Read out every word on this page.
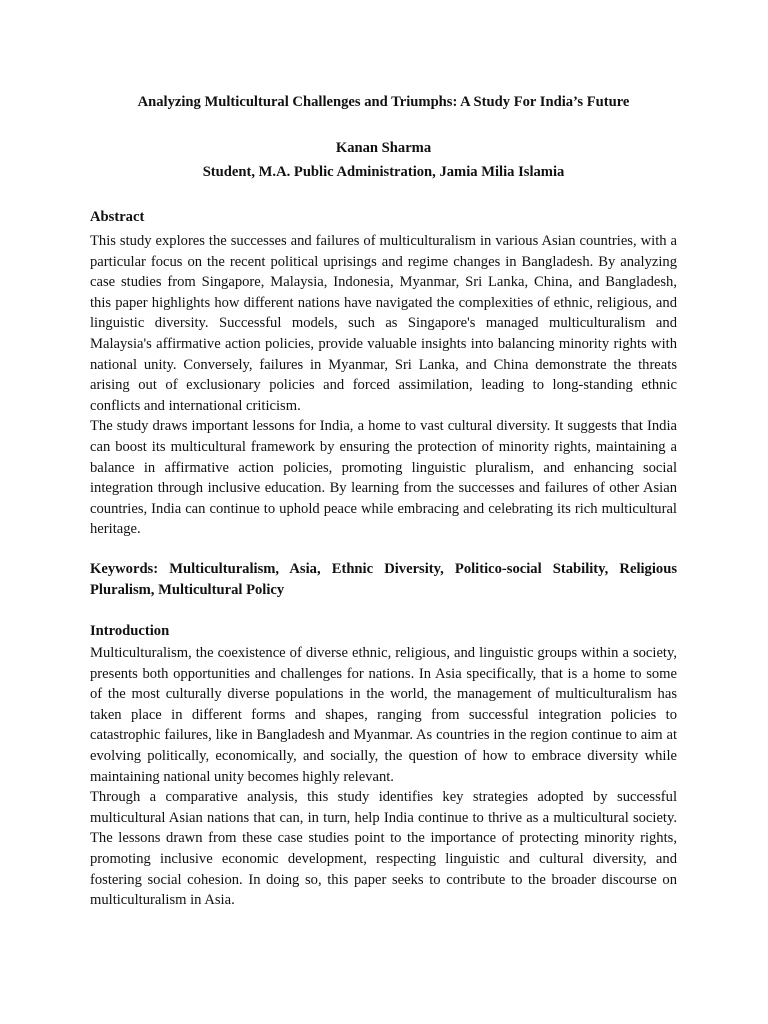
Analyzing Multicultural Challenges and Triumphs: A Study For India’s Future
Kanan Sharma
Student, M.A. Public Administration, Jamia Milia Islamia
Abstract

This study explores the successes and failures of multiculturalism in various Asian countries, with a particular focus on the recent political uprisings and regime changes in Bangladesh. By analyzing case studies from Singapore, Malaysia, Indonesia, Myanmar, Sri Lanka, China, and Bangladesh, this paper highlights how different nations have navigated the complexities of ethnic, religious, and linguistic diversity. Successful models, such as Singapore's managed multiculturalism and Malaysia's affirmative action policies, provide valuable insights into balancing minority rights with national unity. Conversely, failures in Myanmar, Sri Lanka, and China demonstrate the threats arising out of exclusionary policies and forced assimilation, leading to long-standing ethnic conflicts and international criticism.

The study draws important lessons for India, a home to vast cultural diversity. It suggests that India can boost its multicultural framework by ensuring the protection of minority rights, maintaining a balance in affirmative action policies, promoting linguistic pluralism, and enhancing social integration through inclusive education. By learning from the successes and failures of other Asian countries, India can continue to uphold peace while embracing and celebrating its rich multicultural heritage.

Keywords: Multiculturalism, Asia, Ethnic Diversity, Politico-social Stability, Religious Pluralism, Multicultural Policy
Introduction

Multiculturalism, the coexistence of diverse ethnic, religious, and linguistic groups within a society, presents both opportunities and challenges for nations. In Asia specifically, that is a home to some of the most culturally diverse populations in the world, the management of multiculturalism has taken place in different forms and shapes, ranging from successful integration policies to catastrophic failures, like in Bangladesh and Myanmar. As countries in the region continue to aim at evolving politically, economically, and socially, the question of how to embrace diversity while maintaining national unity becomes highly relevant.

Through a comparative analysis, this study identifies key strategies adopted by successful multicultural Asian nations that can, in turn, help India continue to thrive as a multicultural society. The lessons drawn from these case studies point to the importance of protecting minority rights, promoting inclusive economic development, respecting linguistic and cultural diversity, and fostering social cohesion. In doing so, this paper seeks to contribute to the broader discourse on multiculturalism in Asia.
